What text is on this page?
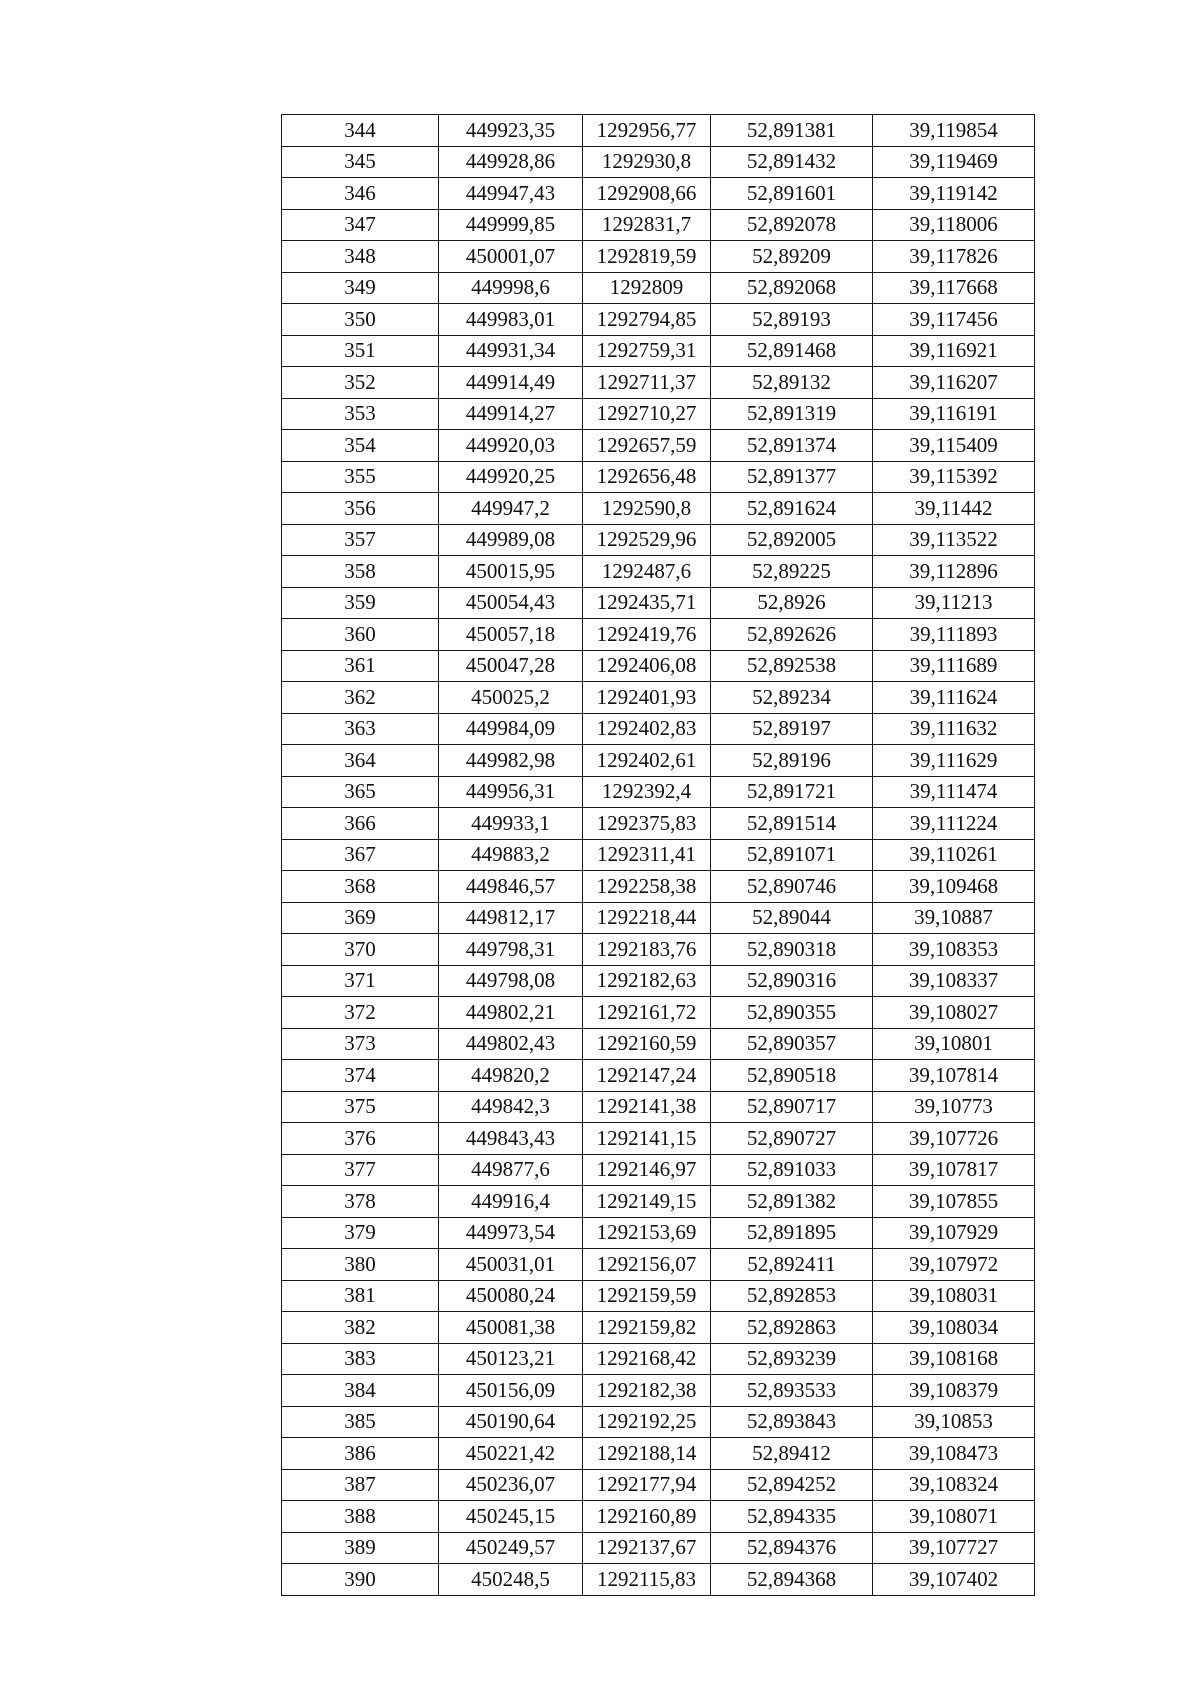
344	449923,35	1292956,77	52,891381	39,119854
345	449928,86	1292930,8	52,891432	39,119469
346	449947,43	1292908,66	52,891601	39,119142
347	449999,85	1292831,7	52,892078	39,118006
348	450001,07	1292819,59	52,89209	39,117826
349	449998,6	1292809	52,892068	39,117668
350	449983,01	1292794,85	52,89193	39,117456
351	449931,34	1292759,31	52,891468	39,116921
352	449914,49	1292711,37	52,89132	39,116207
353	449914,27	1292710,27	52,891319	39,116191
354	449920,03	1292657,59	52,891374	39,115409
355	449920,25	1292656,48	52,891377	39,115392
356	449947,2	1292590,8	52,891624	39,11442
357	449989,08	1292529,96	52,892005	39,113522
358	450015,95	1292487,6	52,89225	39,112896
359	450054,43	1292435,71	52,8926	39,11213
360	450057,18	1292419,76	52,892626	39,111893
361	450047,28	1292406,08	52,892538	39,111689
362	450025,2	1292401,93	52,89234	39,111624
363	449984,09	1292402,83	52,89197	39,111632
364	449982,98	1292402,61	52,89196	39,111629
365	449956,31	1292392,4	52,891721	39,111474
366	449933,1	1292375,83	52,891514	39,111224
367	449883,2	1292311,41	52,891071	39,110261
368	449846,57	1292258,38	52,890746	39,109468
369	449812,17	1292218,44	52,89044	39,10887
370	449798,31	1292183,76	52,890318	39,108353
371	449798,08	1292182,63	52,890316	39,108337
372	449802,21	1292161,72	52,890355	39,108027
373	449802,43	1292160,59	52,890357	39,10801
374	449820,2	1292147,24	52,890518	39,107814
375	449842,3	1292141,38	52,890717	39,10773
376	449843,43	1292141,15	52,890727	39,107726
377	449877,6	1292146,97	52,891033	39,107817
378	449916,4	1292149,15	52,891382	39,107855
379	449973,54	1292153,69	52,891895	39,107929
380	450031,01	1292156,07	52,892411	39,107972
381	450080,24	1292159,59	52,892853	39,108031
382	450081,38	1292159,82	52,892863	39,108034
383	450123,21	1292168,42	52,893239	39,108168
384	450156,09	1292182,38	52,893533	39,108379
385	450190,64	1292192,25	52,893843	39,10853
386	450221,42	1292188,14	52,89412	39,108473
387	450236,07	1292177,94	52,894252	39,108324
388	450245,15	1292160,89	52,894335	39,108071
389	450249,57	1292137,67	52,894376	39,107727
390	450248,5	1292115,83	52,894368	39,107402
